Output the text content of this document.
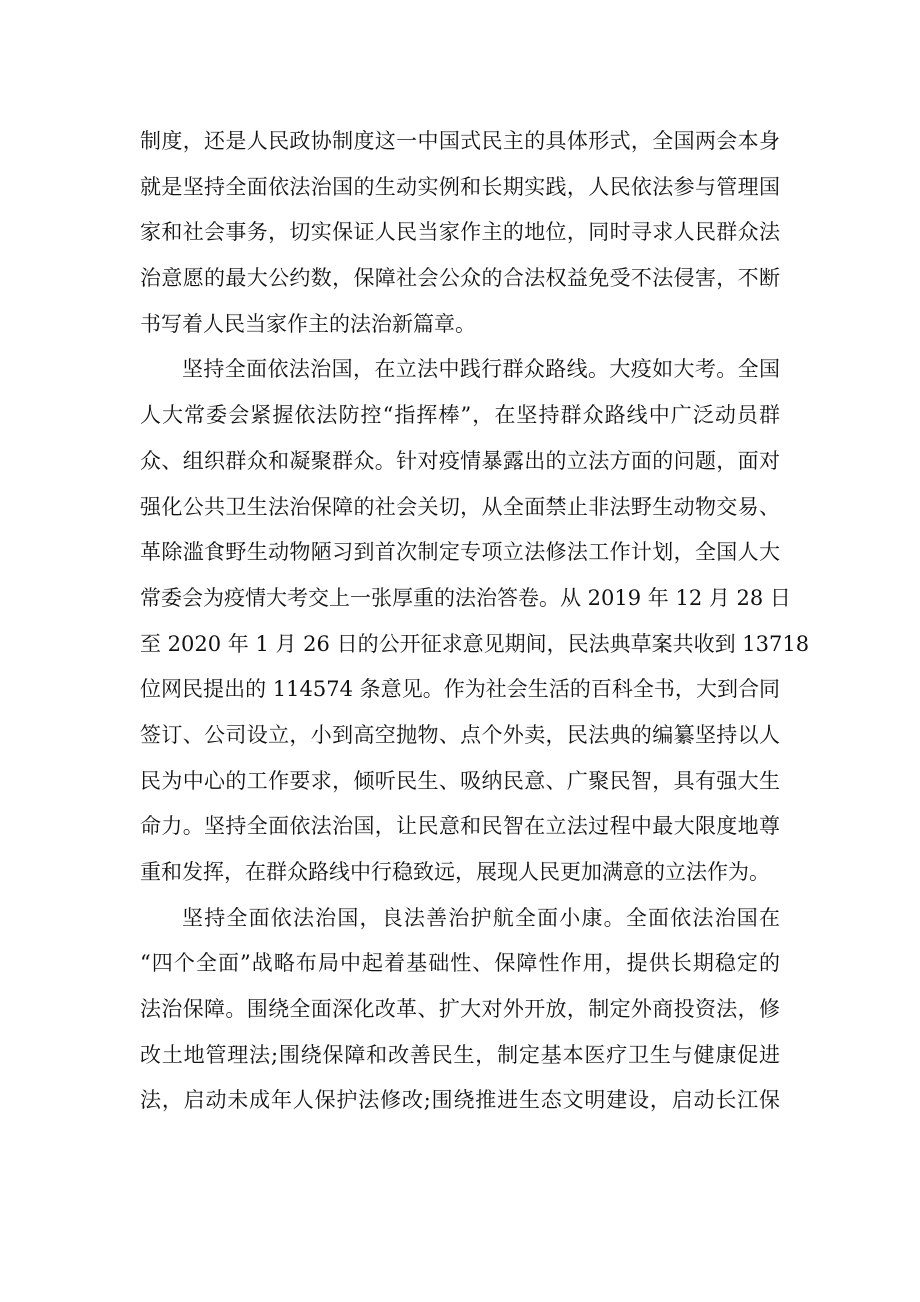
制度，还是人民政协制度这一中国式民主的具体形式，全国两会本身
就是坚持全面依法治国的生动实例和长期实践，人民依法参与管理国
家和社会事务，切实保证人民当家作主的地位，同时寻求人民群众法
治意愿的最大公约数，保障社会公众的合法权益免受不法侵害，不断
书写着人民当家作主的法治新篇章。
坚持全面依法治国，在立法中践行群众路线。大疫如大考。全国
人大常委会紧握依法防控“指挥棒”，在坚持群众路线中广泛动员群
众、组织群众和凝聚群众。针对疫情暴露出的立法方面的问题，面对
强化公共卫生法治保障的社会关切，从全面禁止非法野生动物交易、
革除滥食野生动物陋习到首次制定专项立法修法工作计划，全国人大
常委会为疫情大考交上一张厚重的法治答卷。从 2019 年 12 月 28 日
至 2020 年 1 月 26 日的公开征求意见期间，民法典草案共收到 13718
位网民提出的 114574 条意见。作为社会生活的百科全书，大到合同
签订、公司设立，小到高空抛物、点个外卖，民法典的编纂坚持以人
民为中心的工作要求，倾听民生、吸纳民意、广聚民智，具有强大生
命力。坚持全面依法治国，让民意和民智在立法过程中最大限度地尊
重和发挥，在群众路线中行稳致远，展现人民更加满意的立法作为。
坚持全面依法治国，良法善治护航全面小康。全面依法治国在
“四个全面”战略布局中起着基础性、保障性作用，提供长期稳定的
法治保障。围绕全面深化改革、扩大对外开放，制定外商投资法，修
改土地管理法;围绕保障和改善民生，制定基本医疗卫生与健康促进
法，启动未成年人保护法修改;围绕推进生态文明建设，启动长江保
